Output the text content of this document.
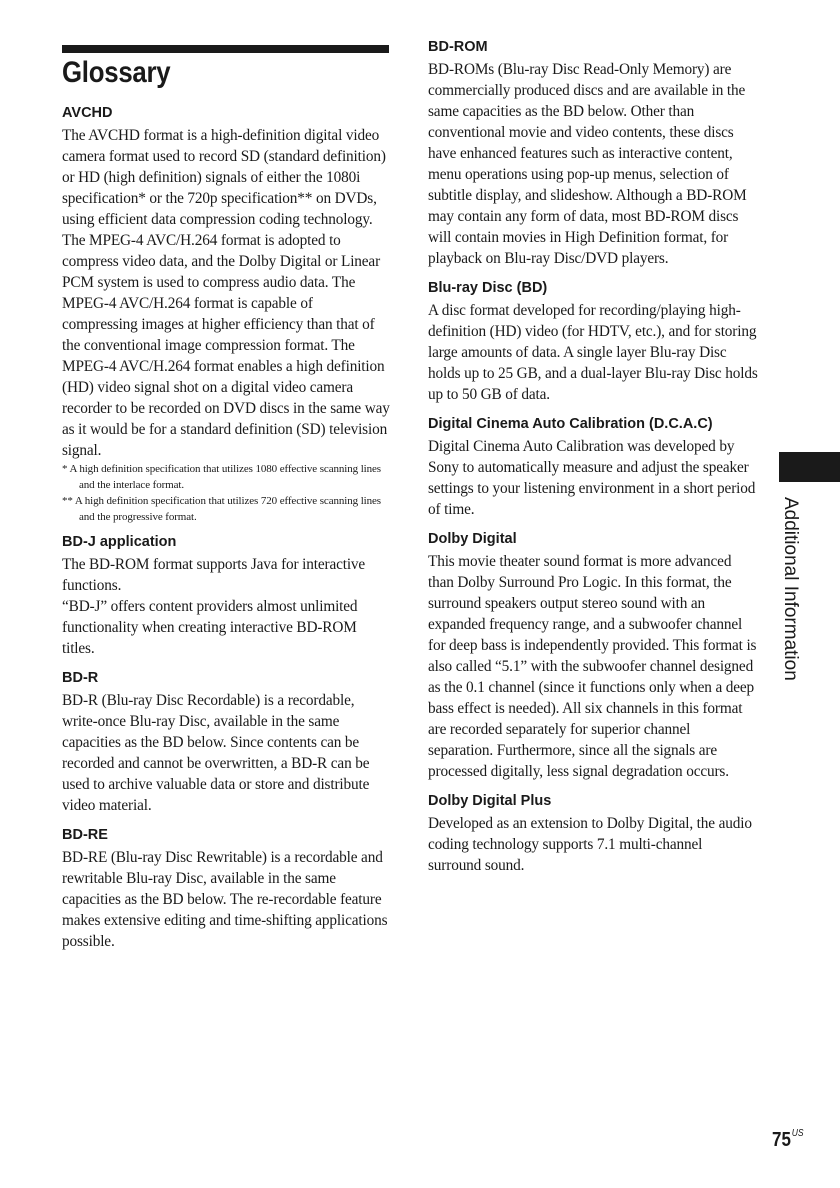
Glossary
AVCHD

The AVCHD format is a high-definition digital video camera format used to record SD (standard definition) or HD (high definition) signals of either the 1080i specification* or the 720p specification** on DVDs, using efficient data compression coding technology. The MPEG-4 AVC/H.264 format is adopted to compress video data, and the Dolby Digital or Linear PCM system is used to compress audio data. The MPEG-4 AVC/H.264 format is capable of compressing images at higher efficiency than that of the conventional image compression format. The MPEG-4 AVC/H.264 format enables a high definition (HD) video signal shot on a digital video camera recorder to be recorded on DVD discs in the same way as it would be for a standard definition (SD) television signal.

* A high definition specification that utilizes 1080 effective scanning lines and the interlace format.

** A high definition specification that utilizes 720 effective scanning lines and the progressive format.

BD-J application

The BD-ROM format supports Java for interactive functions.

“BD-J” offers content providers almost unlimited functionality when creating interactive BD-ROM titles.

BD-R

BD-R (Blu-ray Disc Recordable) is a recordable, write-once Blu-ray Disc, available in the same capacities as the BD below. Since contents can be recorded and cannot be overwritten, a BD-R can be used to archive valuable data or store and distribute video material.

BD-RE

BD-RE (Blu-ray Disc Rewritable) is a recordable and rewritable Blu-ray Disc, available in the same capacities as the BD below. The re-recordable feature makes extensive editing and time-shifting applications possible.

BD-ROM

BD-ROMs (Blu-ray Disc Read-Only Memory) are commercially produced discs and are available in the same capacities as the BD below. Other than conventional movie and video contents, these discs have enhanced features such as interactive content, menu operations using pop-up menus, selection of subtitle display, and slideshow. Although a BD-ROM may contain any form of data, most BD-ROM discs will contain movies in High Definition format, for playback on Blu-ray Disc/DVD players.

Blu-ray Disc (BD)

A disc format developed for recording/playing high-definition (HD) video (for HDTV, etc.), and for storing large amounts of data. A single layer Blu-ray Disc holds up to 25 GB, and a dual-layer Blu-ray Disc holds up to 50 GB of data.

Digital Cinema Auto Calibration (D.C.A.C)

Digital Cinema Auto Calibration was developed by Sony to automatically measure and adjust the speaker settings to your listening environment in a short period of time.

Dolby Digital

This movie theater sound format is more advanced than Dolby Surround Pro Logic. In this format, the surround speakers output stereo sound with an expanded frequency range, and a subwoofer channel for deep bass is independently provided. This format is also called “5.1” with the subwoofer channel designed as the 0.1 channel (since it functions only when a deep bass effect is needed). All six channels in this format are recorded separately for superior channel separation. Furthermore, since all the signals are processed digitally, less signal degradation occurs.

Dolby Digital Plus

Developed as an extension to Dolby Digital, the audio coding technology supports 7.1 multi-channel surround sound.

Additional Information
$75^{US}$
